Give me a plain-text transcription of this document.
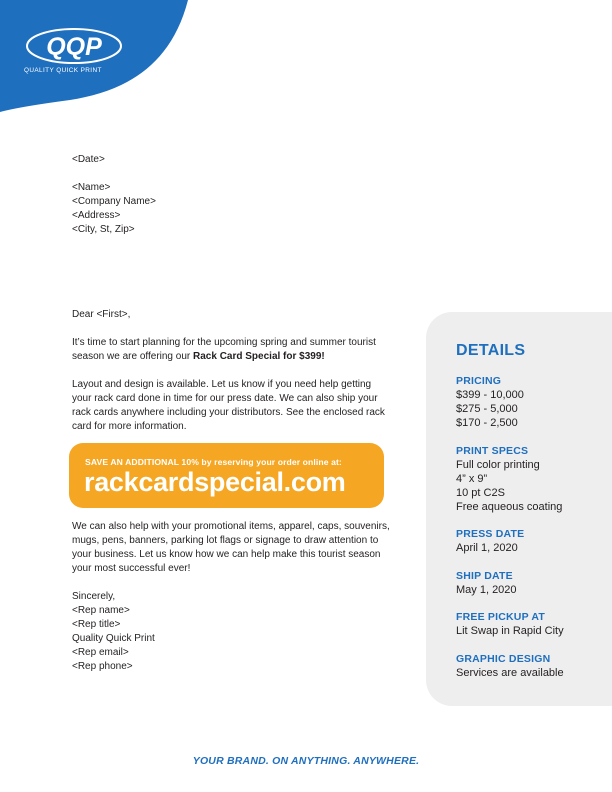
QQP
QUALITY QUICK PRINT

<Date>

<Name>

<Company Name>

<Address>

<City, St, Zip>

Dear <First>,
It’s time to start planning for the upcoming spring and summer tourist season we are offering our Rack Card Special for $399!
Layout and design is available. Let us know if you need help getting your rack card done in time for our press date. We can also ship your rack cards anywhere including your distributors. See the enclosed rack card for more information.
SAVE AN ADDITIONAL 10% by reserving your order online at:
rackcardspecial.com
We can also help with your promotional items, apparel, caps, souvenirs, mugs, pens, banners, parking lot flags or signage to draw attention to your business. Let us know how we can help make this tourist season your most successful ever!

Sincerely,

<Rep name>

<Rep title>

Quality Quick Print

<Rep email>

<Rep phone>

DETAILS
PRICING
$399 - 10,000
$275 - 5,000
$170 - 2,500
PRINT SPECS
Full color printing
4” x 9”
10 pt C2S
Free aqueous coating
PRESS DATE
April 1, 2020
SHIP DATE
May 1, 2020
FREE PICKUP AT
Lit Swap in Rapid City
GRAPHIC DESIGN
Services are available
YOUR BRAND. ON ANYTHING. ANYWHERE.
